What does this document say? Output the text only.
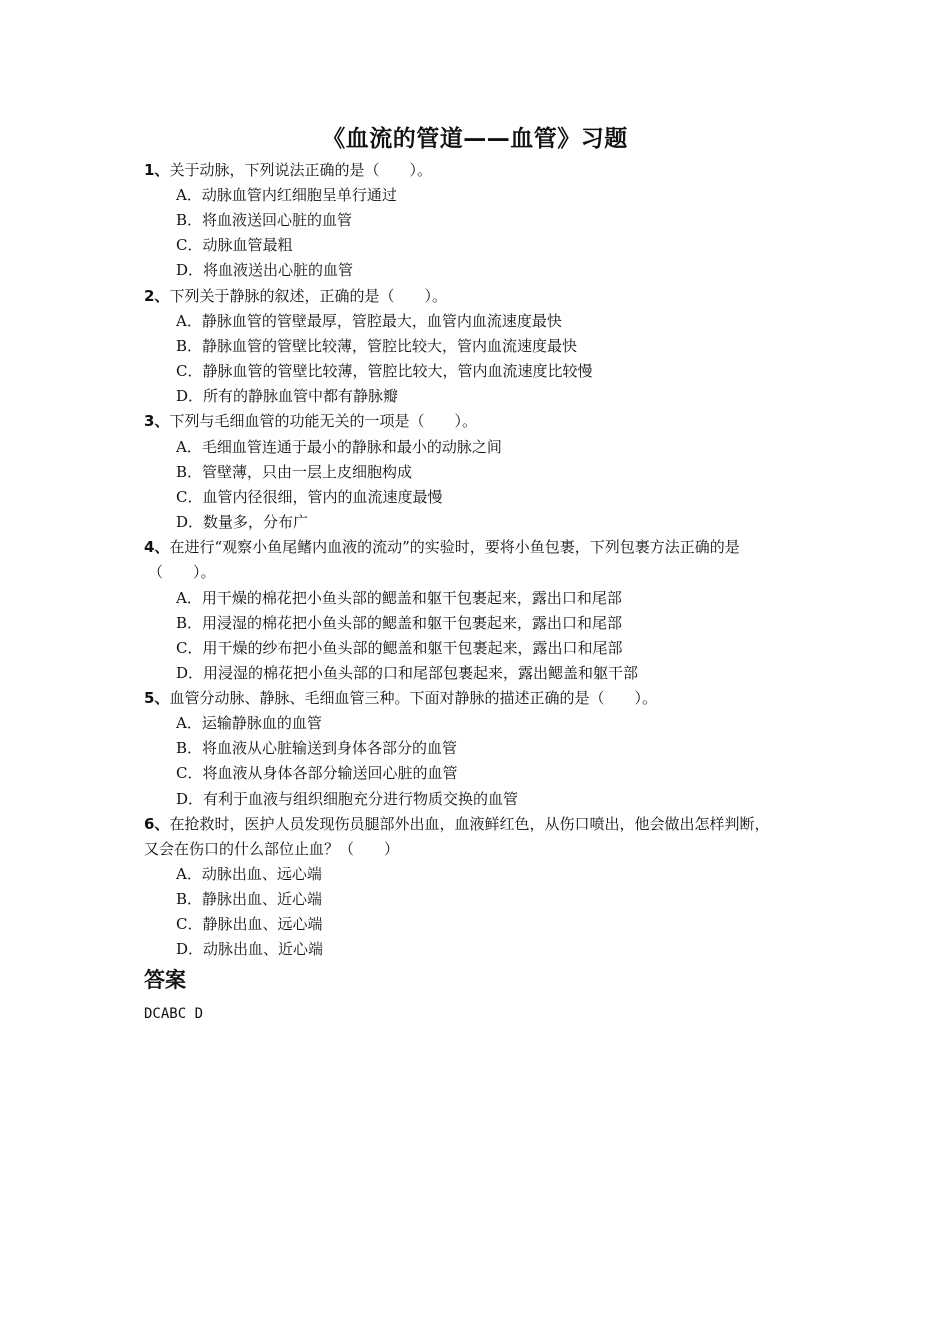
《血流的管道——血管》习题
1、关于动脉，下列说法正确的是（　　）。
A．动脉血管内红细胞呈单行通过
B．将血液送回心脏的血管
C．动脉血管最粗
D．将血液送出心脏的血管
2、下列关于静脉的叙述，正确的是（　　）。
A．静脉血管的管壁最厚，管腔最大，血管内血流速度最快
B．静脉血管的管壁比较薄，管腔比较大，管内血流速度最快
C．静脉血管的管壁比较薄，管腔比较大，管内血流速度比较慢
D．所有的静脉血管中都有静脉瓣
3、下列与毛细血管的功能无关的一项是（　　）。
A．毛细血管连通于最小的静脉和最小的动脉之间
B．管壁薄，只由一层上皮细胞构成
C．血管内径很细，管内的血流速度最慢
D．数量多，分布广
4、在进行“观察小鱼尾鳍内血液的流动”的实验时，要将小鱼包裹，下列包裹方法正确的是
（　　）。
A．用干燥的棉花把小鱼头部的鳃盖和躯干包裹起来，露出口和尾部
B．用浸湿的棉花把小鱼头部的鳃盖和躯干包裹起来，露出口和尾部
C．用干燥的纱布把小鱼头部的鳃盖和躯干包裹起来，露出口和尾部
D．用浸湿的棉花把小鱼头部的口和尾部包裹起来，露出鳃盖和躯干部
5、血管分动脉、静脉、毛细血管三种。下面对静脉的描述正确的是（　　）。
A．运输静脉血的血管
B．将血液从心脏输送到身体各部分的血管
C．将血液从身体各部分输送回心脏的血管
D．有利于血液与组织细胞充分进行物质交换的血管
6、在抢救时，医护人员发现伤员腿部外出血，血液鲜红色，从伤口喷出，他会做出怎样判断，
又会在伤口的什么部位止血？（　　）
A．动脉出血、远心端
B．静脉出血、近心端
C．静脉出血、远心端
D．动脉出血、近心端
答案
DCABC D
